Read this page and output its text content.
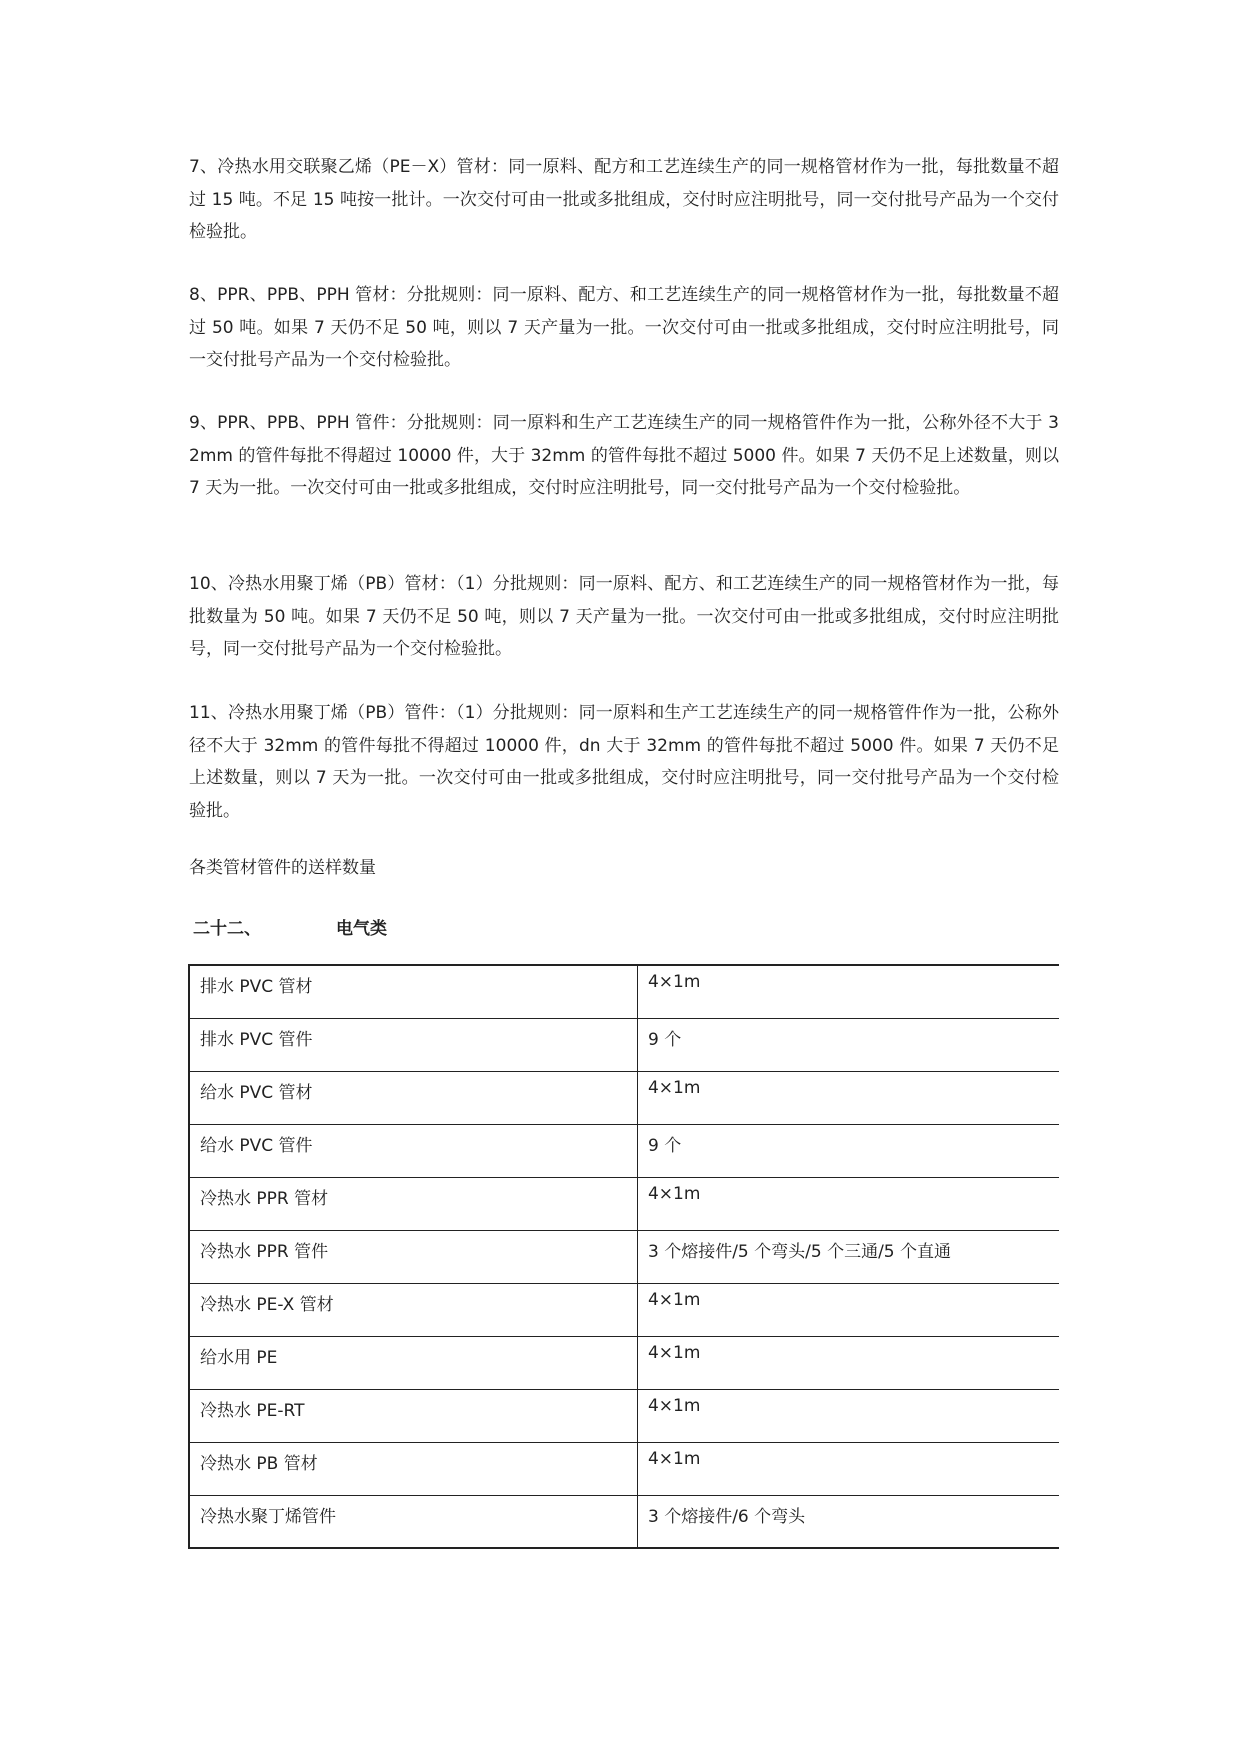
7、冷热水用交联聚乙烯（PE－X）管材：同一原料、配方和工艺连续生产的同一规格管材作为一批，每批数量不超过 15 吨。不足 15 吨按一批计。一次交付可由一批或多批组成，交付时应注明批号，同一交付批号产品为一个交付检验批。

8、PPR、PPB、PPH 管材：分批规则：同一原料、配方、和工艺连续生产的同一规格管材作为一批，每批数量不超过 50 吨。如果 7 天仍不足 50 吨，则以 7 天产量为一批。一次交付可由一批或多批组成，交付时应注明批号，同一交付批号产品为一个交付检验批。

9、PPR、PPB、PPH 管件：分批规则：同一原料和生产工艺连续生产的同一规格管件作为一批，公称外径不大于 32mm 的管件每批不得超过 10000 件，大于 32mm 的管件每批不超过 5000 件。如果 7 天仍不足上述数量，则以 7 天为一批。一次交付可由一批或多批组成，交付时应注明批号，同一交付批号产品为一个交付检验批。

10、冷热水用聚丁烯（PB）管材：（1）分批规则：同一原料、配方、和工艺连续生产的同一规格管材作为一批，每批数量为 50 吨。如果 7 天仍不足 50 吨，则以 7 天产量为一批。一次交付可由一批或多批组成，交付时应注明批号，同一交付批号产品为一个交付检验批。

11、冷热水用聚丁烯（PB）管件：（1）分批规则：同一原料和生产工艺连续生产的同一规格管件作为一批，公称外径不大于 32mm 的管件每批不得超过 10000 件，dn 大于 32mm 的管件每批不超过 5000 件。如果 7 天仍不足上述数量，则以 7 天为一批。一次交付可由一批或多批组成，交付时应注明批号，同一交付批号产品为一个交付检验批。

各类管材管件的送样数量

二十二、	电气类

排水 PVC 管材	4×1m
排水 PVC 管件	9 个
给水 PVC 管材	4×1m
给水 PVC 管件	9 个
冷热水 PPR 管材	4×1m
冷热水 PPR 管件	3 个熔接件/5 个弯头/5 个三通/5 个直通
冷热水 PE-X 管材	4×1m
给水用 PE	4×1m
冷热水 PE-RT	4×1m
冷热水 PB 管材	4×1m
冷热水聚丁烯管件	3 个熔接件/6 个弯头
